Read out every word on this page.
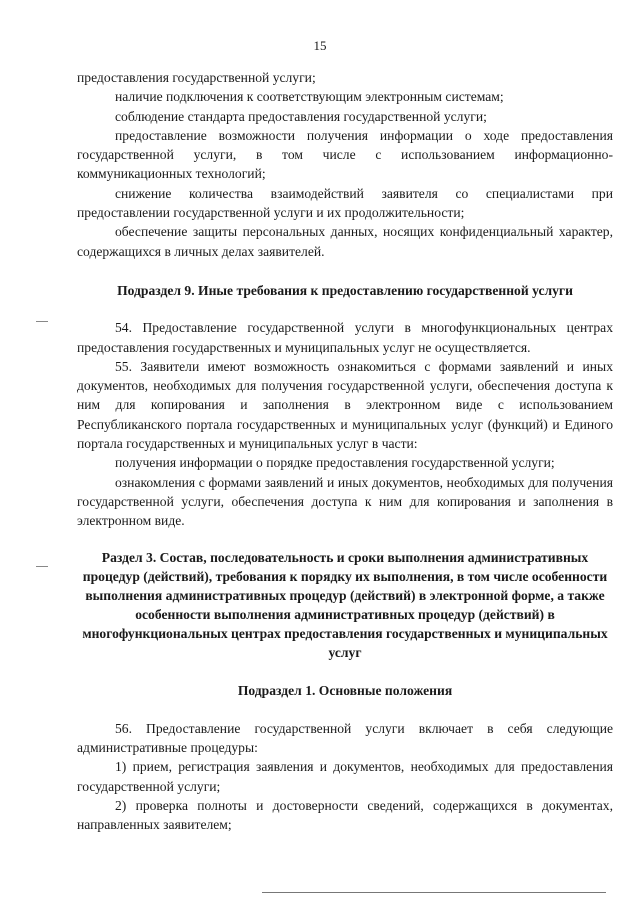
15

предоставления государственной услуги;

наличие подключения к соответствующим электронным системам;

соблюдение стандарта предоставления государственной услуги;

предоставление возможности получения информации о ходе предоставления государственной услуги, в том числе с использованием информационно-коммуникационных технологий;

снижение количества взаимодействий заявителя со специалистами при предоставлении государственной услуги и их продолжительности;

обеспечение защиты персональных данных, носящих конфиденциальный характер, содержащихся в личных делах заявителей.

Подраздел 9. Иные требования к предоставлению государственной услуги

54. Предоставление государственной услуги в многофункциональных центрах предоставления государственных и муниципальных услуг не осуществляется.

55. Заявители имеют возможность ознакомиться с формами заявлений и иных документов, необходимых для получения государственной услуги, обеспечения доступа к ним для копирования и заполнения в электронном виде с использованием Республиканского портала государственных и муниципальных услуг (функций) и Единого портала государственных и муниципальных услуг в части:

получения информации о порядке предоставления государственной услуги;

ознакомления с формами заявлений и иных документов, необходимых для получения государственной услуги, обеспечения доступа к ним для копирования и заполнения в электронном виде.

Раздел 3. Состав, последовательность и сроки выполнения административных процедур (действий), требования к порядку их выполнения, в том числе особенности выполнения административных процедур (действий) в электронной форме, а также особенности выполнения административных процедур (действий) в многофункциональных центрах предоставления государственных и муниципальных услуг

Подраздел 1. Основные положения

56. Предоставление государственной услуги включает в себя следующие административные процедуры:

1) прием, регистрация заявления и документов, необходимых для предоставления государственной услуги;

2) проверка полноты и достоверности сведений, содержащихся в документах, направленных заявителем;
